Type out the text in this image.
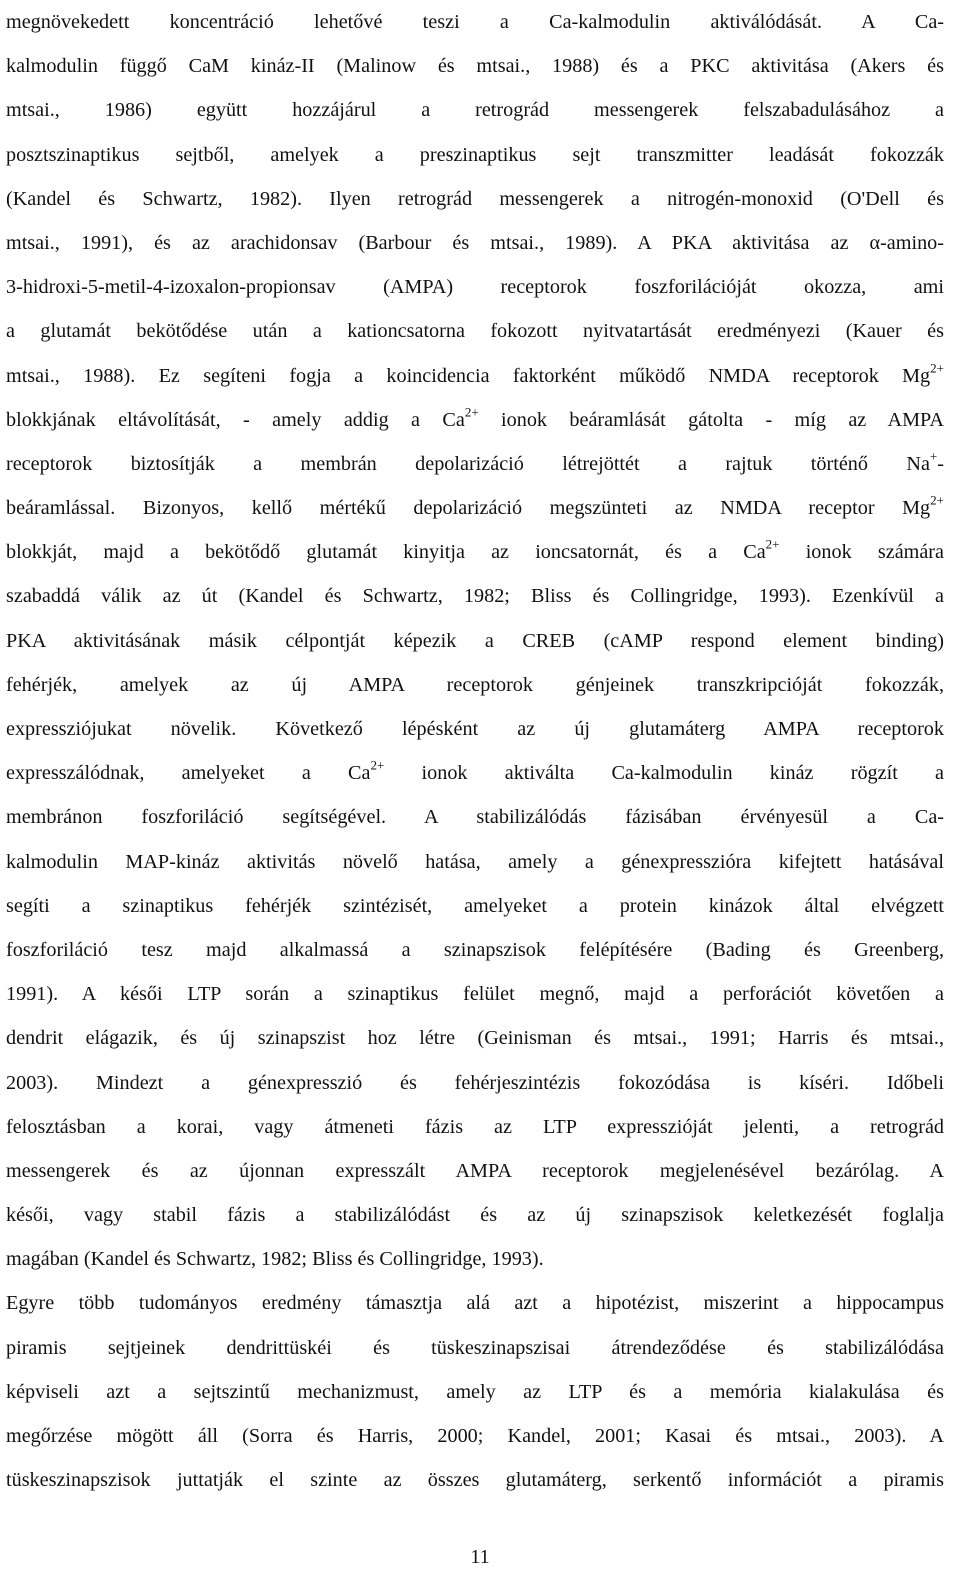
megnövekedett koncentráció lehetővé teszi a Ca-kalmodulin aktiválódását. A Ca-
kalmodulin függő CaM kináz-II (Malinow és mtsai., 1988) és a PKC aktivitása (Akers és
mtsai., 1986) együtt hozzájárul a retrográd messengerek felszabadulásához a
posztszinaptikus sejtből, amelyek a preszinaptikus sejt transzmitter leadását fokozzák
(Kandel és Schwartz, 1982). Ilyen retrográd messengerek a nitrogén-monoxid (O'Dell és
mtsai., 1991), és az arachidonsav (Barbour és mtsai., 1989). A PKA aktivitása az α-amino-
3-hidroxi-5-metil-4-izoxalon-propionsav (AMPA) receptorok foszforilációját okozza, ami
a glutamát bekötődése után a kationcsatorna fokozott nyitvatartását eredményezi (Kauer és
mtsai., 1988). Ez segíteni fogja a koincidencia faktorként működő NMDA receptorok $Mg^{2+}$
blokkjának eltávolítását, - amely addig a $Ca^{2+}$ ionok beáramlását gátolta - míg az AMPA
receptorok biztosítják a membrán depolarizáció létrejöttét a rajtuk történő Na+-
beáramlással. Bizonyos, kellő mértékű depolarizáció megszünteti az NMDA receptor $Mg^{2+}$
blokkját, majd a bekötődő glutamát kinyitja az ioncsatornát, és a $Ca^{2+}$ ionok számára
szabaddá válik az út (Kandel és Schwartz, 1982; Bliss és Collingridge, 1993). Ezenkívül a
PKA aktivitásának másik célpontját képezik a CREB (cAMP respond element binding)
fehérjék, amelyek az új AMPA receptorok génjeinek transzkripcióját fokozzák,
expressziójukat növelik. Következő lépésként az új glutamáterg AMPA receptorok
expresszálódnak, amelyeket a $Ca^{2+}$ ionok aktiválta Ca-kalmodulin kináz rögzít a
membránon foszforiláció segítségével. A stabilizálódás fázisában érvényesül a Ca-
kalmodulin MAP-kináz aktivitás növelő hatása, amely a génexpresszióra kifejtett hatásával
segíti a szinaptikus fehérjék szintézisét, amelyeket a protein kinázok által elvégzett
foszforiláció tesz majd alkalmassá a szinapszisok felépítésére (Bading és Greenberg,
1991). A késői LTP során a szinaptikus felület megnő, majd a perforációt követően a
dendrit elágazik, és új szinapszist hoz létre (Geinisman és mtsai., 1991; Harris és mtsai.,
2003). Mindezt a génexpresszió és fehérjeszintézis fokozódása is kíséri. Időbeli
felosztásban a korai, vagy átmeneti fázis az LTP expresszióját jelenti, a retrográd
messengerek és az újonnan expresszált AMPA receptorok megjelenésével bezárólag. A
késői, vagy stabil fázis a stabilizálódást és az új szinapszisok keletkezését foglalja
magában (Kandel és Schwartz, 1982; Bliss és Collingridge, 1993).
Egyre több tudományos eredmény támasztja alá azt a hipotézist, miszerint a hippocampus
piramis sejtjeinek dendrittüskéi és tüskeszinapszisai átrendeződése és stabilizálódása
képviseli azt a sejtszintű mechanizmust, amely az LTP és a memória kialakulása és
megőrzése mögött áll (Sorra és Harris, 2000; Kandel, 2001; Kasai és mtsai., 2003). A
tüskeszinapszisok juttatják el szinte az összes glutamáterg, serkentő információt a piramis
11
